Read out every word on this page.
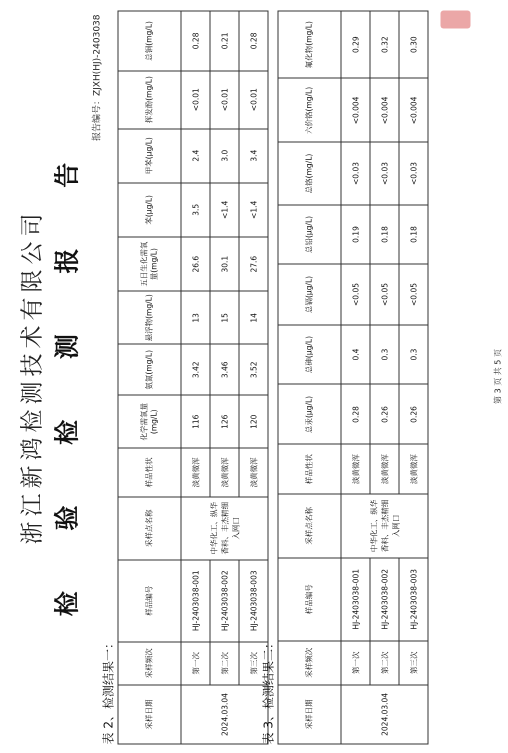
浙江新鸿检测技术有限公司 检 验 检 测 报 告
报告编号：ZJXH(HJ)-2403038
表 2、检测结果一：	采样日期	采样频次	样品编号	采样点名称	样品性状	化学需氧量(mg/L)	氨氮(mg/L)	悬浮物(mg/L)	五日生化需氧量(mg/L)	苯(μg/L)	甲苯(μg/L)	挥发酚(mg/L)	总铜(mg/L)
2024.03.04	第一次	HJ-2403038-001	中华化工、纵华香料、丰杰精细入网口	淡黄微浑	116	3.42	13	26.6	3.5	2.4	<0.01	0.28
	第二次	HJ-2403038-002		淡黄微浑	126	3.46	15	30.1	<1.4	3.0	<0.01	0.21
	第三次	HJ-2403038-003		淡黄微浑	120	3.52	14	27.6	<1.4	3.4	<0.01	0.28
表 3、检测结果二：	采样日期	采样频次	样品编号	采样点名称	样品性状	总汞(μg/L)	总砷(μg/L)	总镉(μg/L)	总铅(μg/L)	总铬(mg/L)	六价铬(mg/L)	氟化物(mg/L)
2024.03.04	第一次	HJ-2403038-001	中华化工、纵华香料、丰杰精细入网口	淡黄微浑	0.28	0.4	<0.05	0.19	<0.03	<0.004	0.29
	第二次	HJ-2403038-002		淡黄微浑	0.26	0.3	<0.05	0.18	<0.03	<0.004	0.32
	第三次	HJ-2403038-003		淡黄微浑	0.26	0.3	<0.05	0.18	<0.03	<0.004	0.30
第 3 页 共 5 页
